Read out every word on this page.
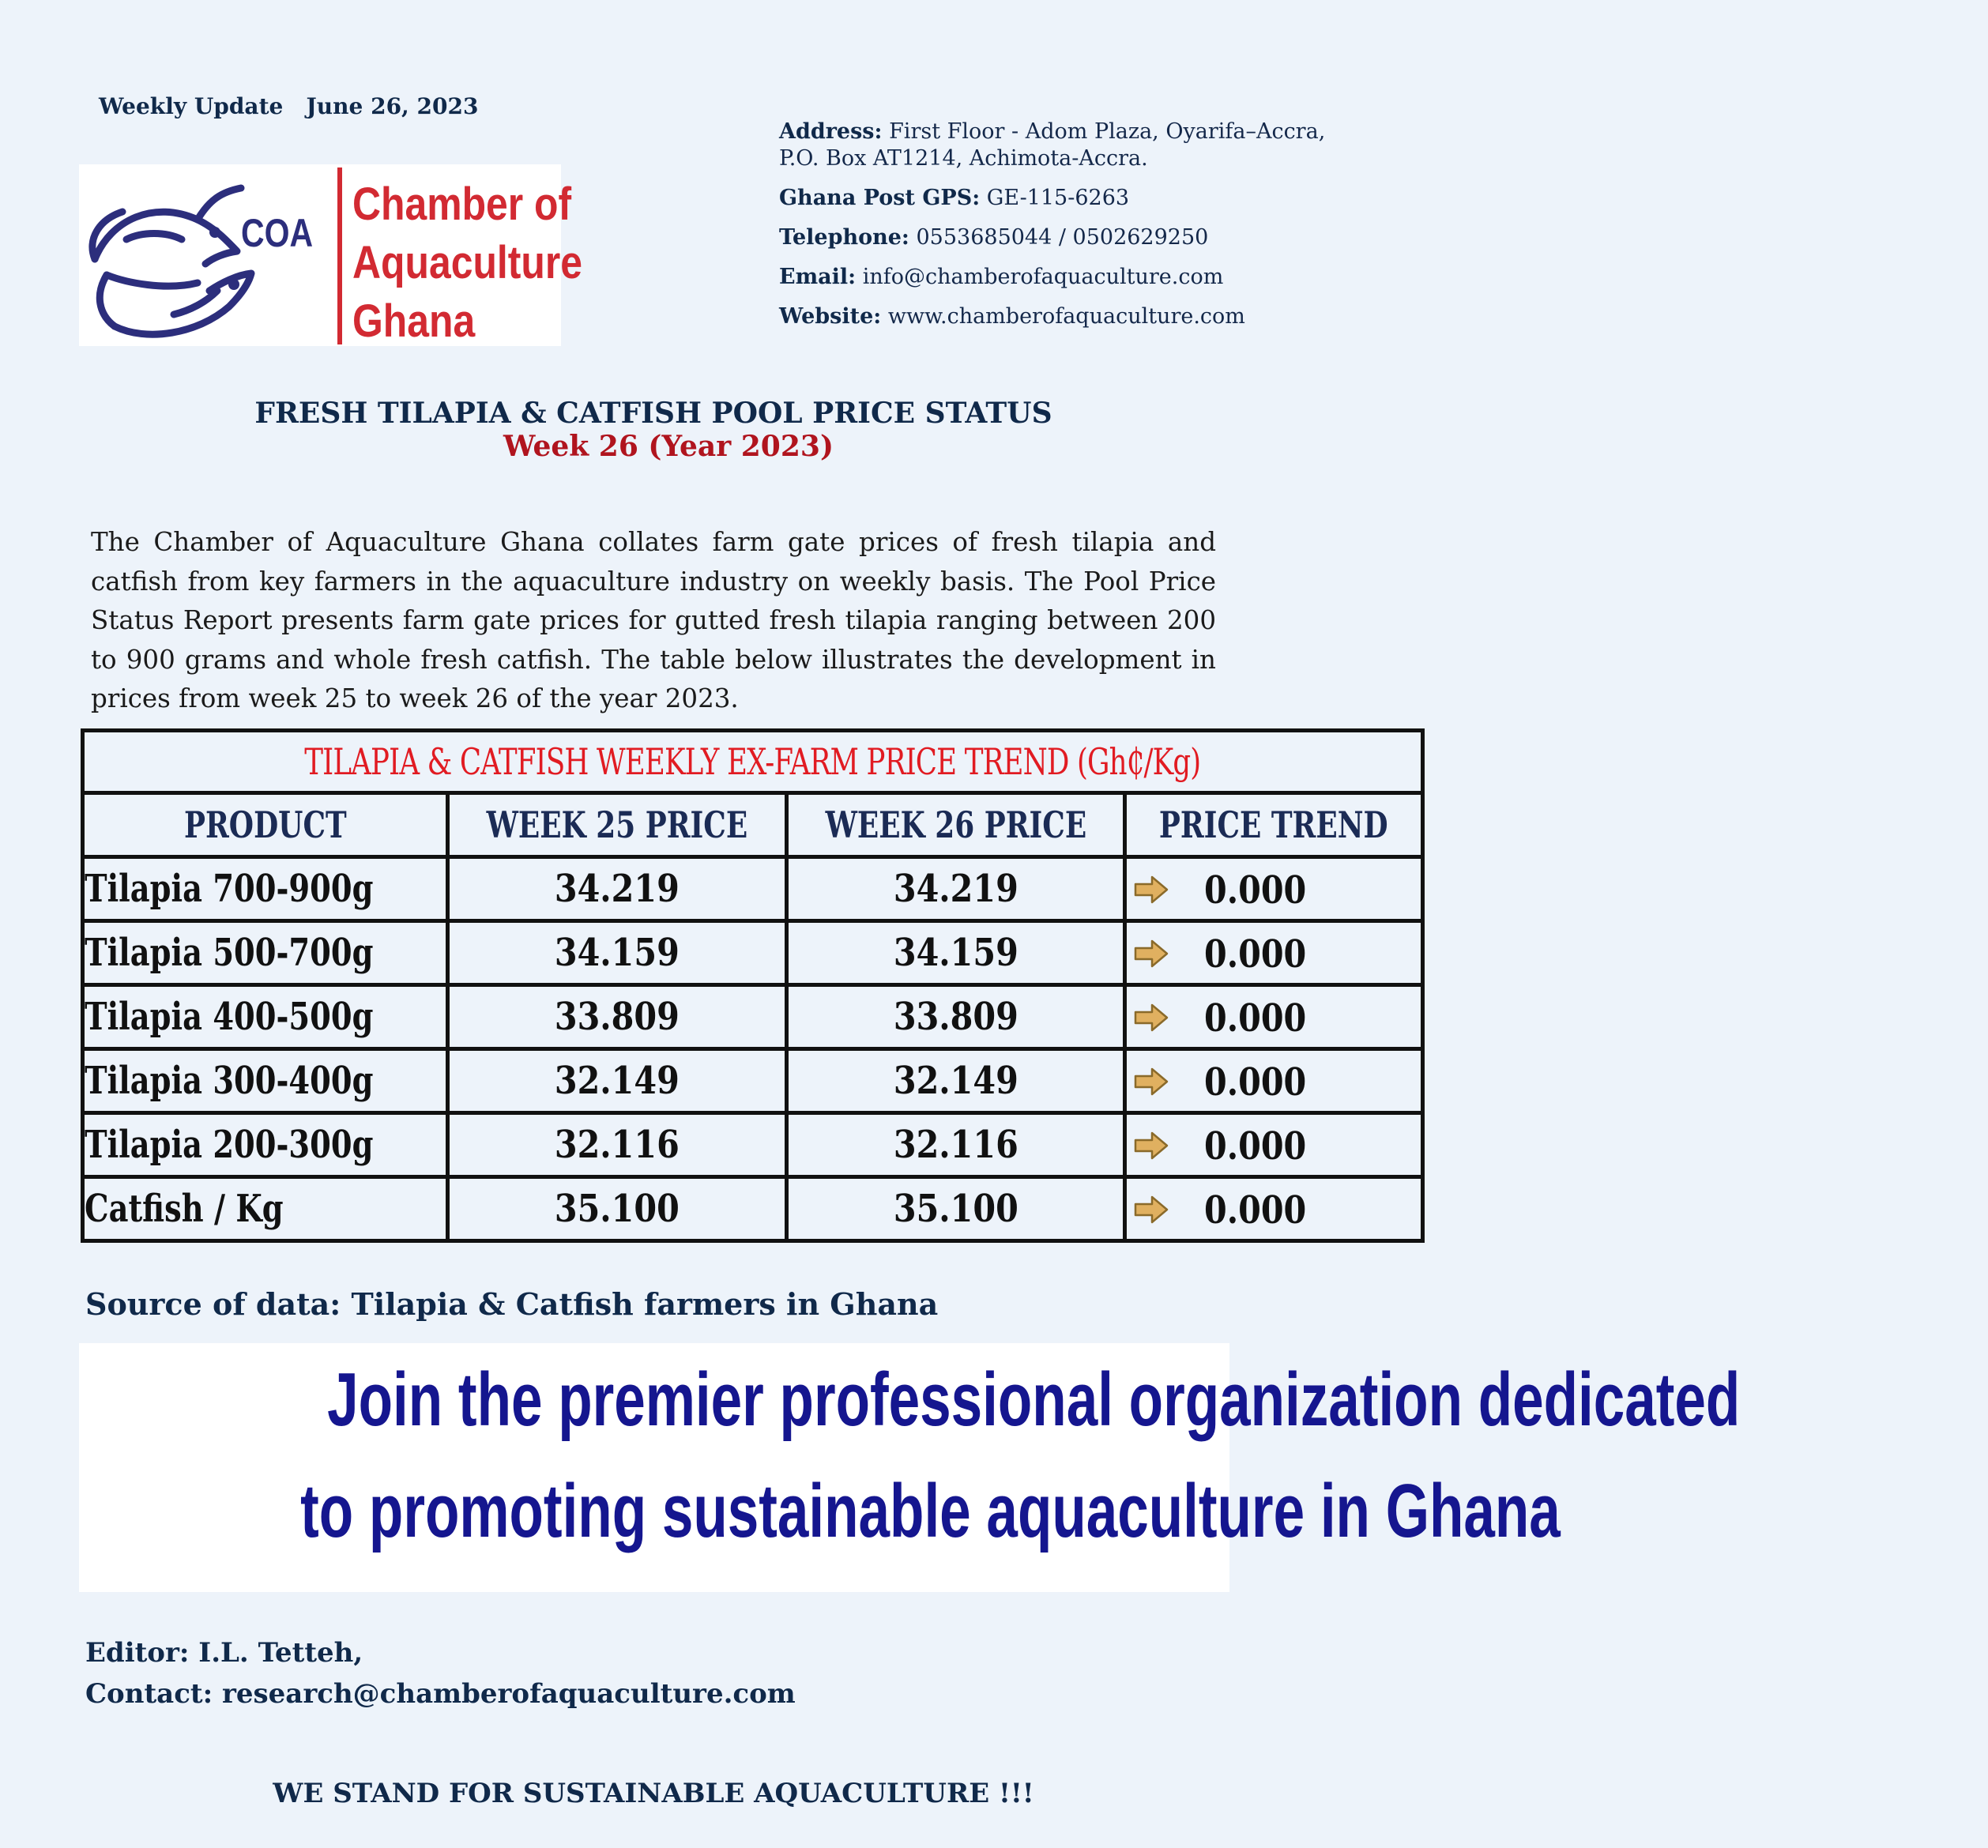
Weekly Update   June 26, 2023
COA
Chamber of
Aquaculture
Ghana
Address: First Floor - Adom Plaza, Oyarifa–Accra,
P.O. Box AT1214, Achimota-Accra.
Ghana Post GPS: GE-115-6263
Telephone: 0553685044 / 0502629250
Email: info@chamberofaquaculture.com
Website: www.chamberofaquaculture.com
FRESH TILAPIA & CATFISH POOL PRICE STATUS
Week 26 (Year 2023)
The Chamber of Aquaculture Ghana collates farm gate prices of fresh tilapia and catfish from key farmers in the aquaculture industry on weekly basis. The Pool Price Status Report presents farm gate prices for gutted fresh tilapia ranging between 200 to 900 grams and whole fresh catfish. The table below illustrates the development in prices from week 25 to week 26 of the year 2023.
TILAPIA & CATFISH WEEKLY EX-FARM PRICE TREND (Gh₵/Kg)			
PRODUCT	WEEK 25 PRICE	WEEK 26 PRICE	PRICE TREND
Tilapia 700-900g	34.219	34.219	0.000

Tilapia 500-700g	34.159	34.159	0.000

Tilapia 400-500g	33.809	33.809	0.000

Tilapia 300-400g	32.149	32.149	0.000

Tilapia 200-300g	32.116	32.116	0.000

Catfish / Kg	35.100	35.100	0.000
Source of data: Tilapia & Catfish farmers in Ghana
Join the premier professional organization dedicated
to promoting sustainable aquaculture in Ghana
Editor: I.L. Tetteh,
Contact: research@chamberofaquaculture.com
WE STAND FOR SUSTAINABLE AQUACULTURE !!!
